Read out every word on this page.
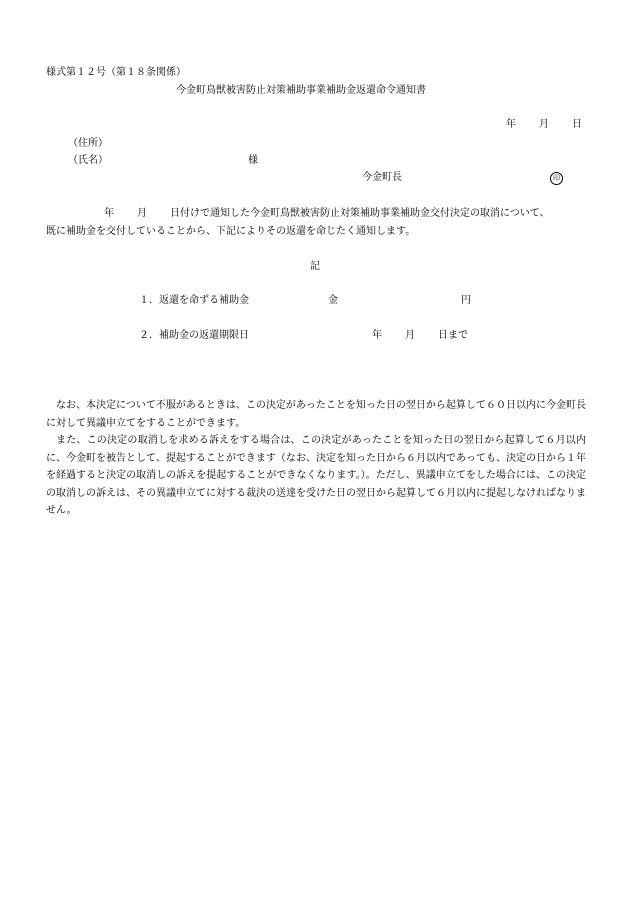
様式第１２号（第１８条関係）
今金町鳥獣被害防止対策補助事業補助金返還命令通知書
年 月 日
（住所）
（氏名）	様
今金町長	印
年 月 日付けで通知した今金町鳥獣被害防止対策補助事業補助金交付決定の取消について、
既に補助金を交付していることから、下記によりその返還を命じたく通知します。
記
１．返還を命ずる補助金	金	円
２．補助金の返還期限日	年 月 日まで
なお、本決定について不服があるときは、この決定があったことを知った日の翌日から起算して６０日以内に今金町長に対して異議申立てをすることができます。
また、この決定の取消しを求める訴えをする場合は、この決定があったことを知った日の翌日から起算して６月以内に、今金町を被告として、提起することができます（なお、決定を知った日から６月以内であっても、決定の日から１年を経過すると決定の取消しの訴えを提起することができなくなります。）。ただし、異議申立てをした場合には、この決定の取消しの訴えは、その異議申立てに対する裁決の送達を受けた日の翌日から起算して６月以内に提起しなければなりません。
